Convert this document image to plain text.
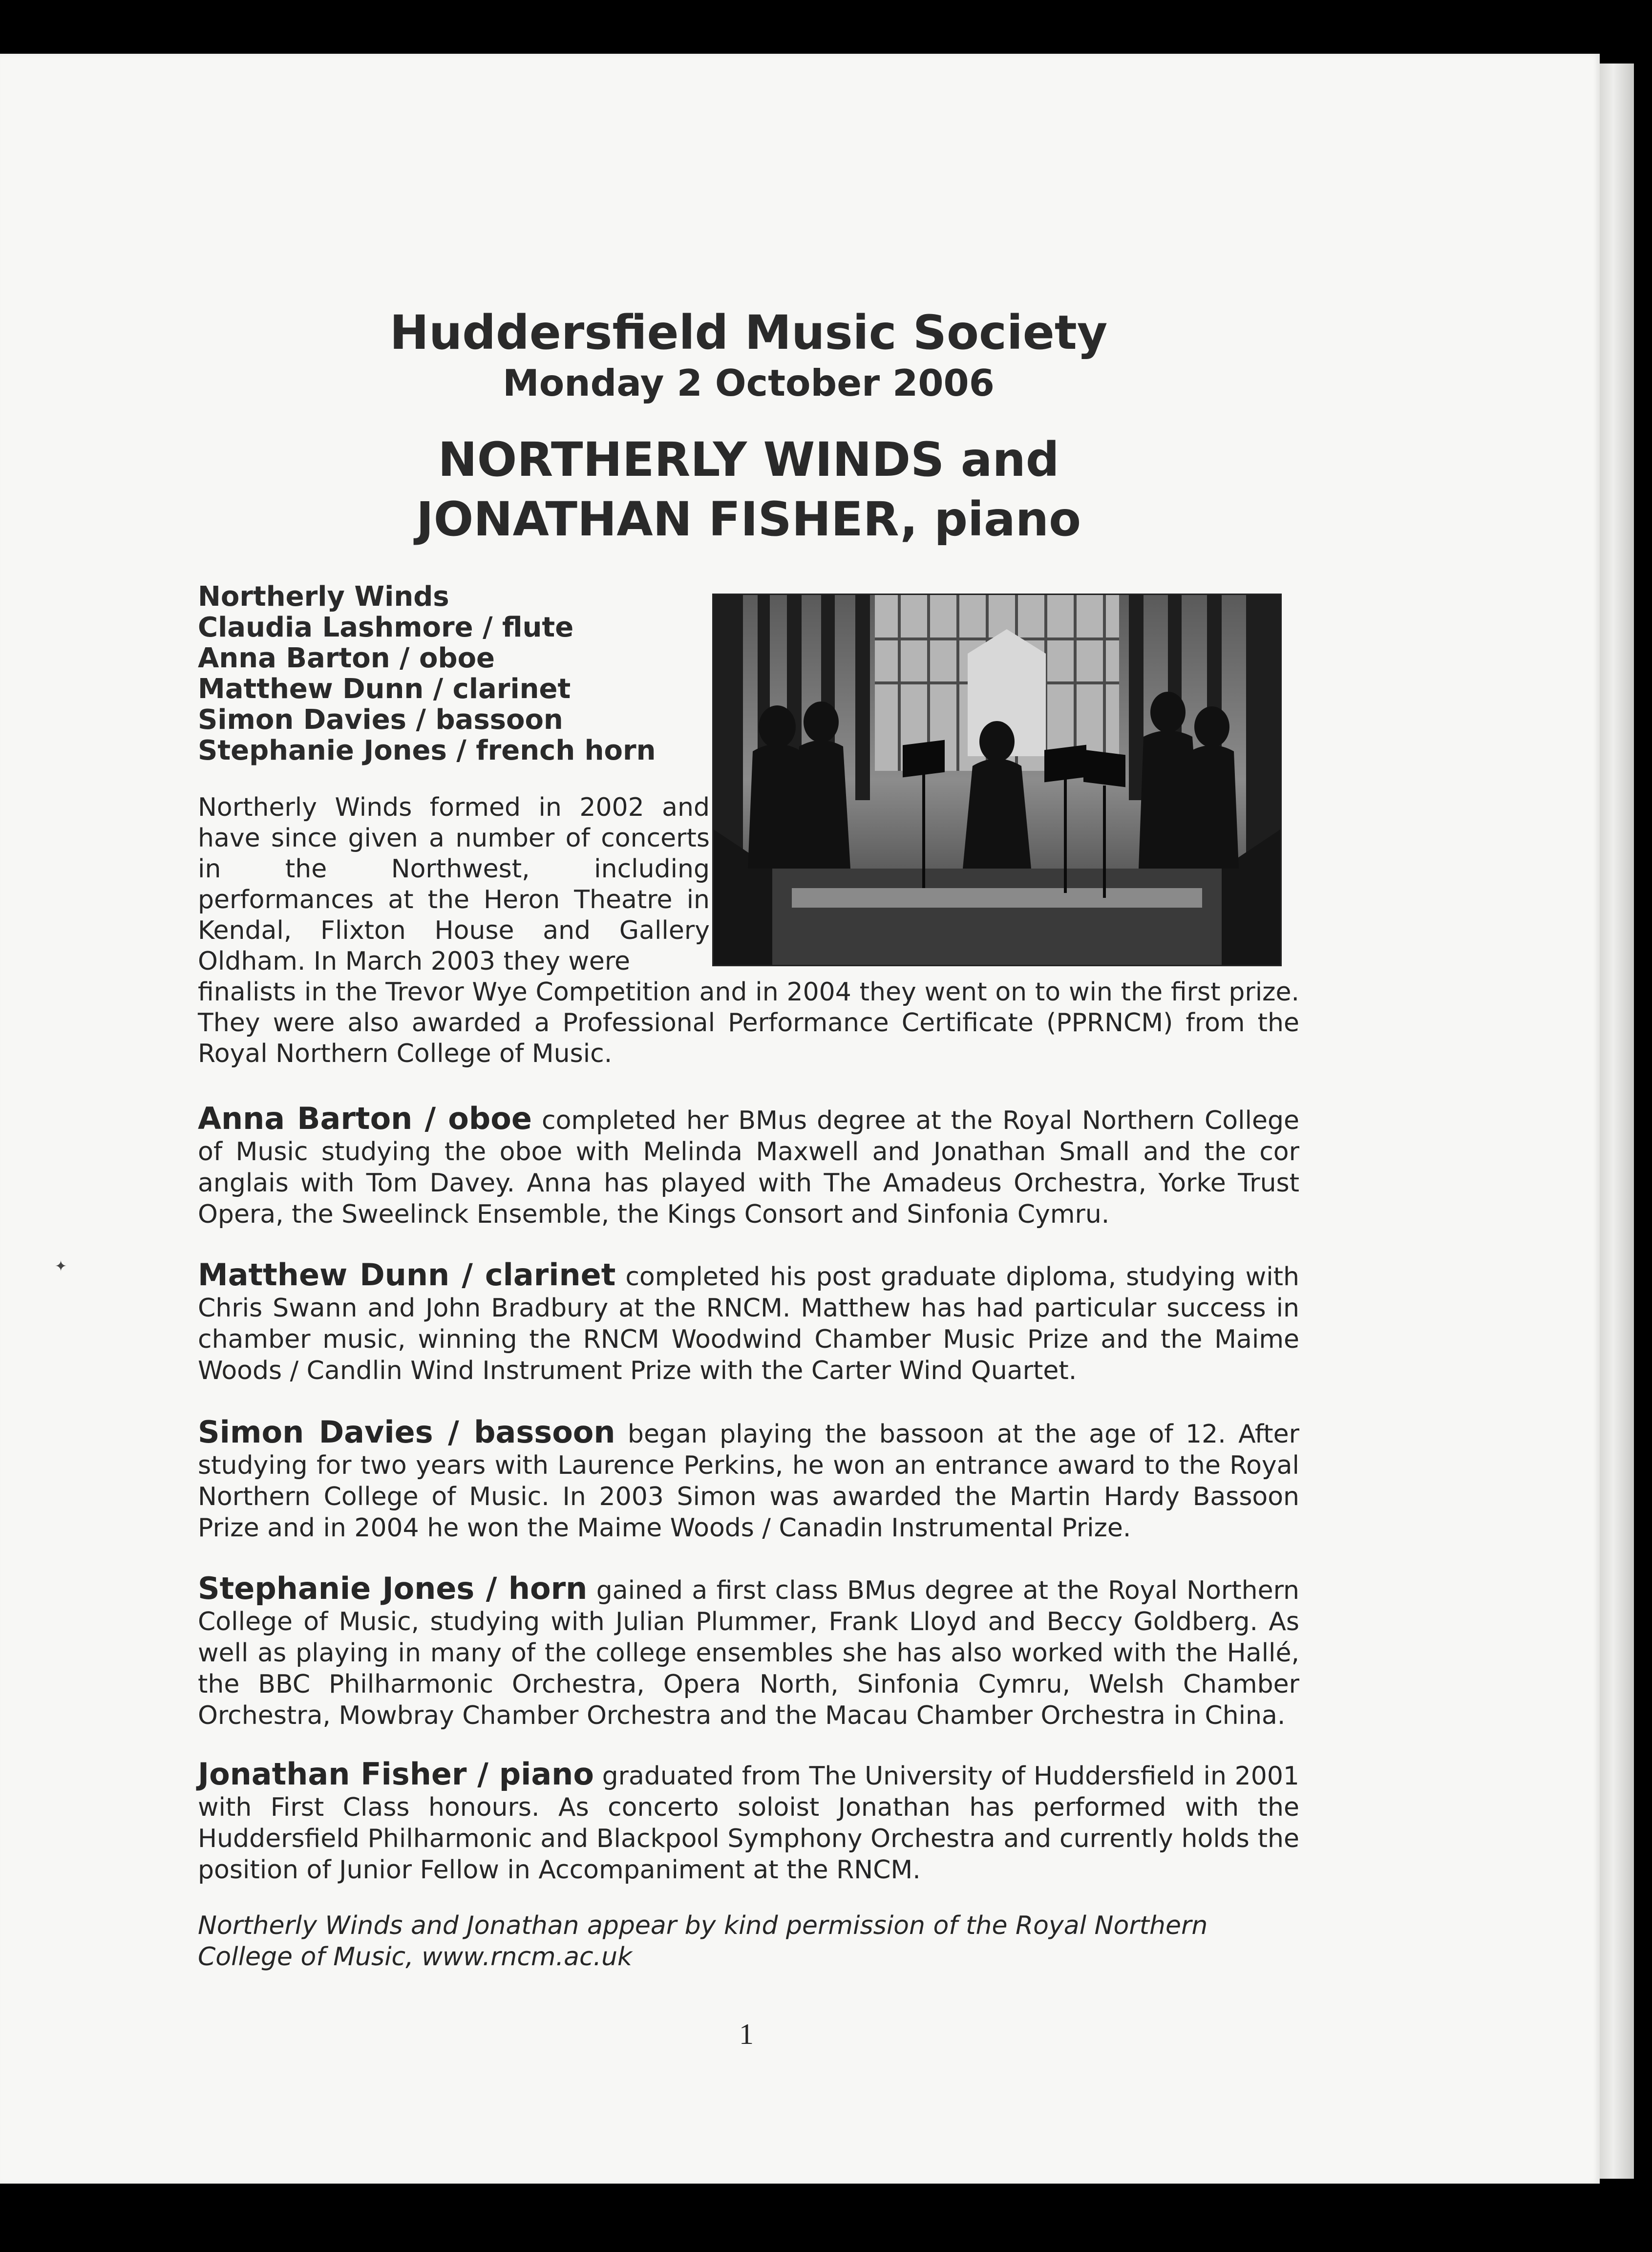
Huddersfield Music Society
Monday 2 October 2006
NORTHERLY WINDS and
JONATHAN FISHER, piano
Northerly Winds
Claudia Lashmore / flute
Anna Barton / oboe
Matthew Dunn / clarinet
Simon Davies / bassoon
Stephanie Jones / french horn
Northerly Winds formed in 2002 and have since given a number of concerts in the Northwest, including performances at the Heron Theatre in Kendal, Flixton House and Gallery Oldham. In March 2003 they were
finalists in the Trevor Wye Competition and in 2004 they went on to win the first prize. They were also awarded a Professional Performance Certificate (PPRNCM) from the Royal Northern College of Music.
Anna Barton / oboe completed her BMus degree at the Royal Northern College of Music studying the oboe with Melinda Maxwell and Jonathan Small and the cor anglais with Tom Davey. Anna has played with The Amadeus Orchestra, Yorke Trust Opera, the Sweelinck Ensemble, the Kings Consort and Sinfonia Cymru.
Matthew Dunn / clarinet completed his post graduate diploma, studying with Chris Swann and John Bradbury at the RNCM. Matthew has had particular success in chamber music, winning the RNCM Woodwind Chamber Music Prize and the Maime Woods / Candlin Wind Instrument Prize with the Carter Wind Quartet.
Simon Davies / bassoon began playing the bassoon at the age of 12. After studying for two years with Laurence Perkins, he won an entrance award to the Royal Northern College of Music. In 2003 Simon was awarded the Martin Hardy Bassoon Prize and in 2004 he won the Maime Woods / Canadin Instrumental Prize.
Stephanie Jones / horn gained a first class BMus degree at the Royal Northern College of Music, studying with Julian Plummer, Frank Lloyd and Beccy Goldberg. As well as playing in many of the college ensembles she has also worked with the Hallé, the BBC Philharmonic Orchestra, Opera North, Sinfonia Cymru, Welsh Chamber Orchestra, Mowbray Chamber Orchestra and the Macau Chamber Orchestra in China.
Jonathan Fisher / piano graduated from The University of Huddersfield in 2001 with First Class honours. As concerto soloist Jonathan has performed with the Huddersfield Philharmonic and Blackpool Symphony Orchestra and currently holds the position of Junior Fellow in Accompaniment at the RNCM.
Northerly Winds and Jonathan appear by kind permission of the Royal Northern College of Music, www.rncm.ac.uk
1
✦
